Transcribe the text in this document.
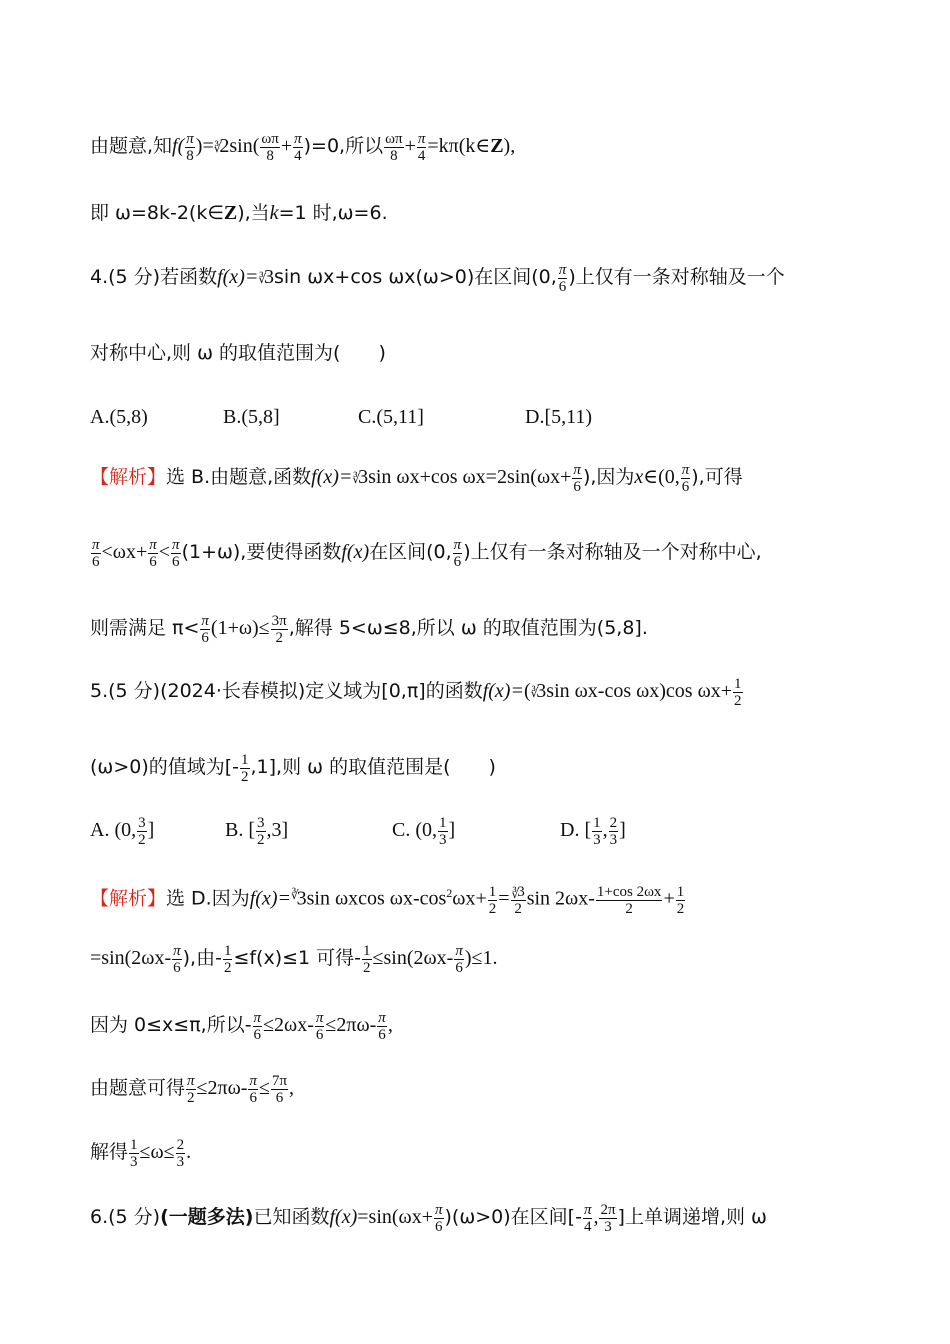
由题意,知$f( \frac{\pi}{8} )=^∛2\sin( \frac{\omega\pi}{8} + \frac{\pi}{4} )=0$,所以 $\frac{\omega\pi}{8} + \frac{\pi}{4}$ =kπ(k∈Z),
即 ω=8k-2(k∈Z),当k=1 时,ω=6.
4.(5 分)若函数f(x)=∛3sin ωx+cos ωx(ω>0)在区间(0, $\frac{\pi}{6}$ )上仅有一条对称轴及一个
对称中心,则 ω 的取值范围为(　　)
A.(5,8)	B.(5,8]	C.(5,11]	D.[5,11)
【解析】选 B.由题意,函数f(x)=∛3sin ωx+cos $\omega x=2\sin(\omega x+ \frac{\pi}{6}$ ),因为x∈(0, $\frac{\pi}{6}$ ),可得
$\frac{\pi}{6} <\omega x+ \frac{\pi}{6} < \frac{\pi}{6} (1+\omega)$,要使得函数f(x)在区间(0, $\frac{\pi}{6}$ )上仅有一条对称轴及一个对称中心,
则需满足 $\pi< \frac{\pi}{6} (1+\omega)\le \frac{3\pi}{2}$ ,解得 5<ω≤8,所以 ω 的取值范围为(5,8].
5.(5 分)(2024·长春模拟)定义域为[0,π]的函数f(x)=(∛3sin ωx-cos ωx)cos $\omega x+ \frac{1}{2}$
(ω>0)的值域为[- $\frac{1}{2} ,1$],则 ω 的取值范围是(　　)
A. (0, $\frac{3}{2}$ ]	B. [ $\frac{3}{2} ,3$]	C. (0, $\frac{1}{3}$ ]	D. [ $\frac{1}{3}$ , $\frac{2}{3}$ ]
【解析】选 D.因为f(x)=∛3sin ωxcos $\omega x-\cos^2\omega x+ \frac{1}{2} = \frac{^∛3}{2}$ $\sin 2\omega x- \frac{1+\cos 2\omega x}{2} + \frac{1}{2}$
$=\sin(2\omega x- \frac{\pi}{6}$ ),由- $\frac{1}{2} \le f(x)\le 1$ 可得- $\frac{1}{2} \le\sin(2\omega x- \frac{\pi}{6} )\le 1$.
因为 0≤x≤π,所以- $\frac{\pi}{6} \le 2\omega x- \frac{\pi}{6} \le 2\pi\omega- \frac{\pi}{6}$ ,
由题意可得 $\frac{\pi}{2} \le 2\pi\omega- \frac{\pi}{6} \le \frac{7\pi}{6}$ ,
解得 $\frac{1}{3} \le\omega\le \frac{2}{3}$ .
6.(5 分)(一题多法)已知函数$f(x)=\sin(\omega x+ \frac{\pi}{6} )(\omega>0)$在区间[- $\frac{\pi}{4}$ , $\frac{2\pi}{3}$ ]上单调递增,则 ω
